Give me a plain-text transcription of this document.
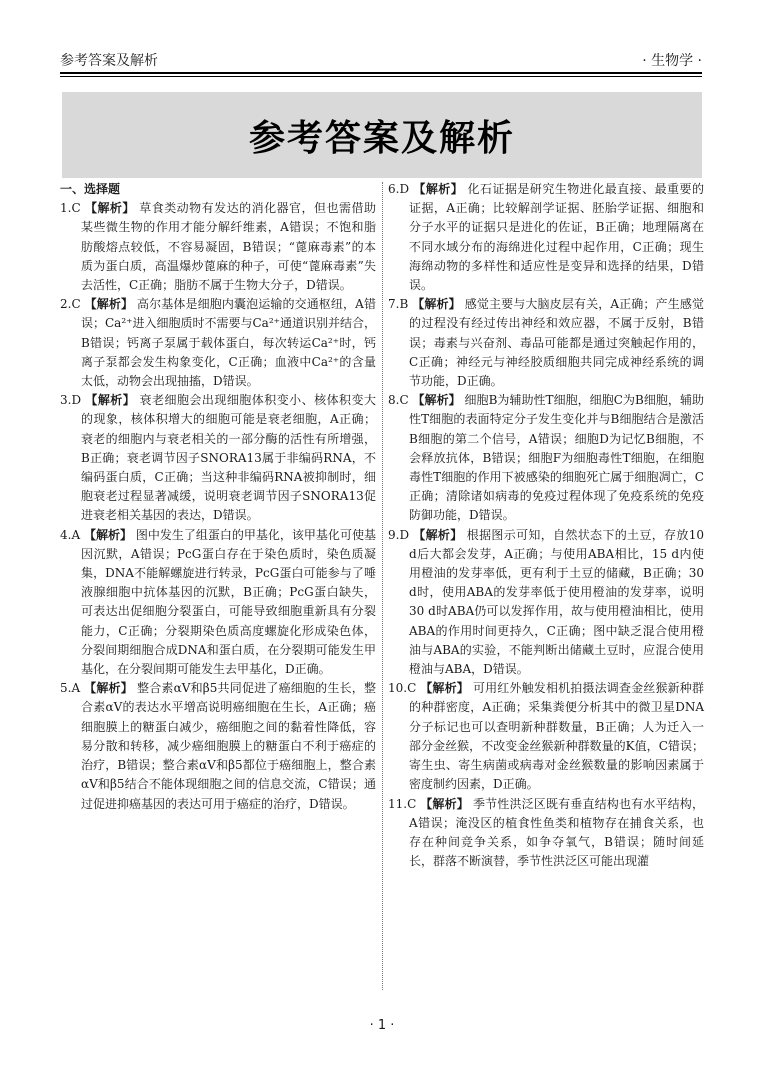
参考答案及解析	· 生物学 ·
参考答案及解析
一、选择题

1.C 【解析】 草食类动物有发达的消化器官，但也需借助某些微生物的作用才能分解纤维素，A错误；不饱和脂肪酸熔点较低，不容易凝固，B错误；“蓖麻毒素”的本质为蛋白质，高温爆炒蓖麻的种子，可使“蓖麻毒素”失去活性，C正确；脂肪不属于生物大分子，D错误。

2.C 【解析】 高尔基体是细胞内囊泡运输的交通枢纽，A错误；Ca²⁺进入细胞质时不需要与Ca²⁺通道识别并结合，B错误；钙离子泵属于载体蛋白，每次转运Ca²⁺时，钙离子泵都会发生构象变化，C正确；血液中Ca²⁺的含量太低，动物会出现抽搐，D错误。

3.D 【解析】 衰老细胞会出现细胞体积变小、核体积变大的现象，核体积增大的细胞可能是衰老细胞，A正确；衰老的细胞内与衰老相关的一部分酶的活性有所增强，B正确；衰老调节因子SNORA13属于非编码RNA，不编码蛋白质，C正确；当这种非编码RNA被抑制时，细胞衰老过程显著减缓，说明衰老调节因子SNORA13促进衰老相关基因的表达，D错误。

4.A 【解析】 图中发生了组蛋白的甲基化，该甲基化可使基因沉默，A错误；PcG蛋白存在于染色质时，染色质凝集，DNA不能解螺旋进行转录，PcG蛋白可能参与了唾液腺细胞中抗体基因的沉默，B正确；PcG蛋白缺失，可表达出促细胞分裂蛋白，可能导致细胞重新具有分裂能力，C正确；分裂期染色质高度螺旋化形成染色体，分裂间期细胞合成DNA和蛋白质，在分裂期可能发生甲基化，在分裂间期可能发生去甲基化，D正确。

5.A 【解析】 整合素αV和β5共同促进了癌细胞的生长，整合素αV的表达水平增高说明癌细胞在生长，A正确；癌细胞膜上的糖蛋白减少，癌细胞之间的黏着性降低，容易分散和转移，减少癌细胞膜上的糖蛋白不利于癌症的治疗，B错误；整合素αV和β5都位于癌细胞上，整合素αV和β5结合不能体现细胞之间的信息交流，C错误；通过促进抑癌基因的表达可用于癌症的治疗，D错误。

6.D 【解析】 化石证据是研究生物进化最直接、最重要的证据，A正确；比较解剖学证据、胚胎学证据、细胞和分子水平的证据只是进化的佐证，B正确；地理隔离在不同水域分布的海绵进化过程中起作用，C正确；现生海绵动物的多样性和适应性是变异和选择的结果，D错误。

7.B 【解析】 感觉主要与大脑皮层有关，A正确；产生感觉的过程没有经过传出神经和效应器，不属于反射，B错误；毒素与兴奋剂、毒品可能都是通过突触起作用的，C正确；神经元与神经胶质细胞共同完成神经系统的调节功能，D正确。

8.C 【解析】 细胞B为辅助性T细胞，细胞C为B细胞，辅助性T细胞的表面特定分子发生变化并与B细胞结合是激活B细胞的第二个信号，A错误；细胞D为记忆B细胞，不会释放抗体，B错误；细胞F为细胞毒性T细胞，在细胞毒性T细胞的作用下被感染的细胞死亡属于细胞凋亡，C正确；清除诸如病毒的免疫过程体现了免疫系统的免疫防御功能，D错误。

9.D 【解析】 根据图示可知，自然状态下的土豆，存放10 d后大都会发芽，A正确；与使用ABA相比，15 d内使用橙油的发芽率低，更有利于土豆的储藏，B正确；30 d时，使用ABA的发芽率低于使用橙油的发芽率，说明30 d时ABA仍可以发挥作用，故与使用橙油相比，使用ABA的作用时间更持久，C正确；图中缺乏混合使用橙油与ABA的实验，不能判断出储藏土豆时，应混合使用橙油与ABA，D错误。

10.C 【解析】 可用红外触发相机拍摄法调查金丝猴新种群的种群密度，A正确；采集粪便分析其中的微卫星DNA分子标记也可以查明新种群数量，B正确；人为迁入一部分金丝猴，不改变金丝猴新种群数量的K值，C错误；寄生虫、寄生病菌或病毒对金丝猴数量的影响因素属于密度制约因素，D正确。

11.C 【解析】 季节性洪泛区既有垂直结构也有水平结构，A错误；淹没区的植食性鱼类和植物存在捕食关系，也存在种间竞争关系，如争夺氧气，B错误；随时间延长，群落不断演替，季节性洪泛区可能出现灌

· 1 ·
